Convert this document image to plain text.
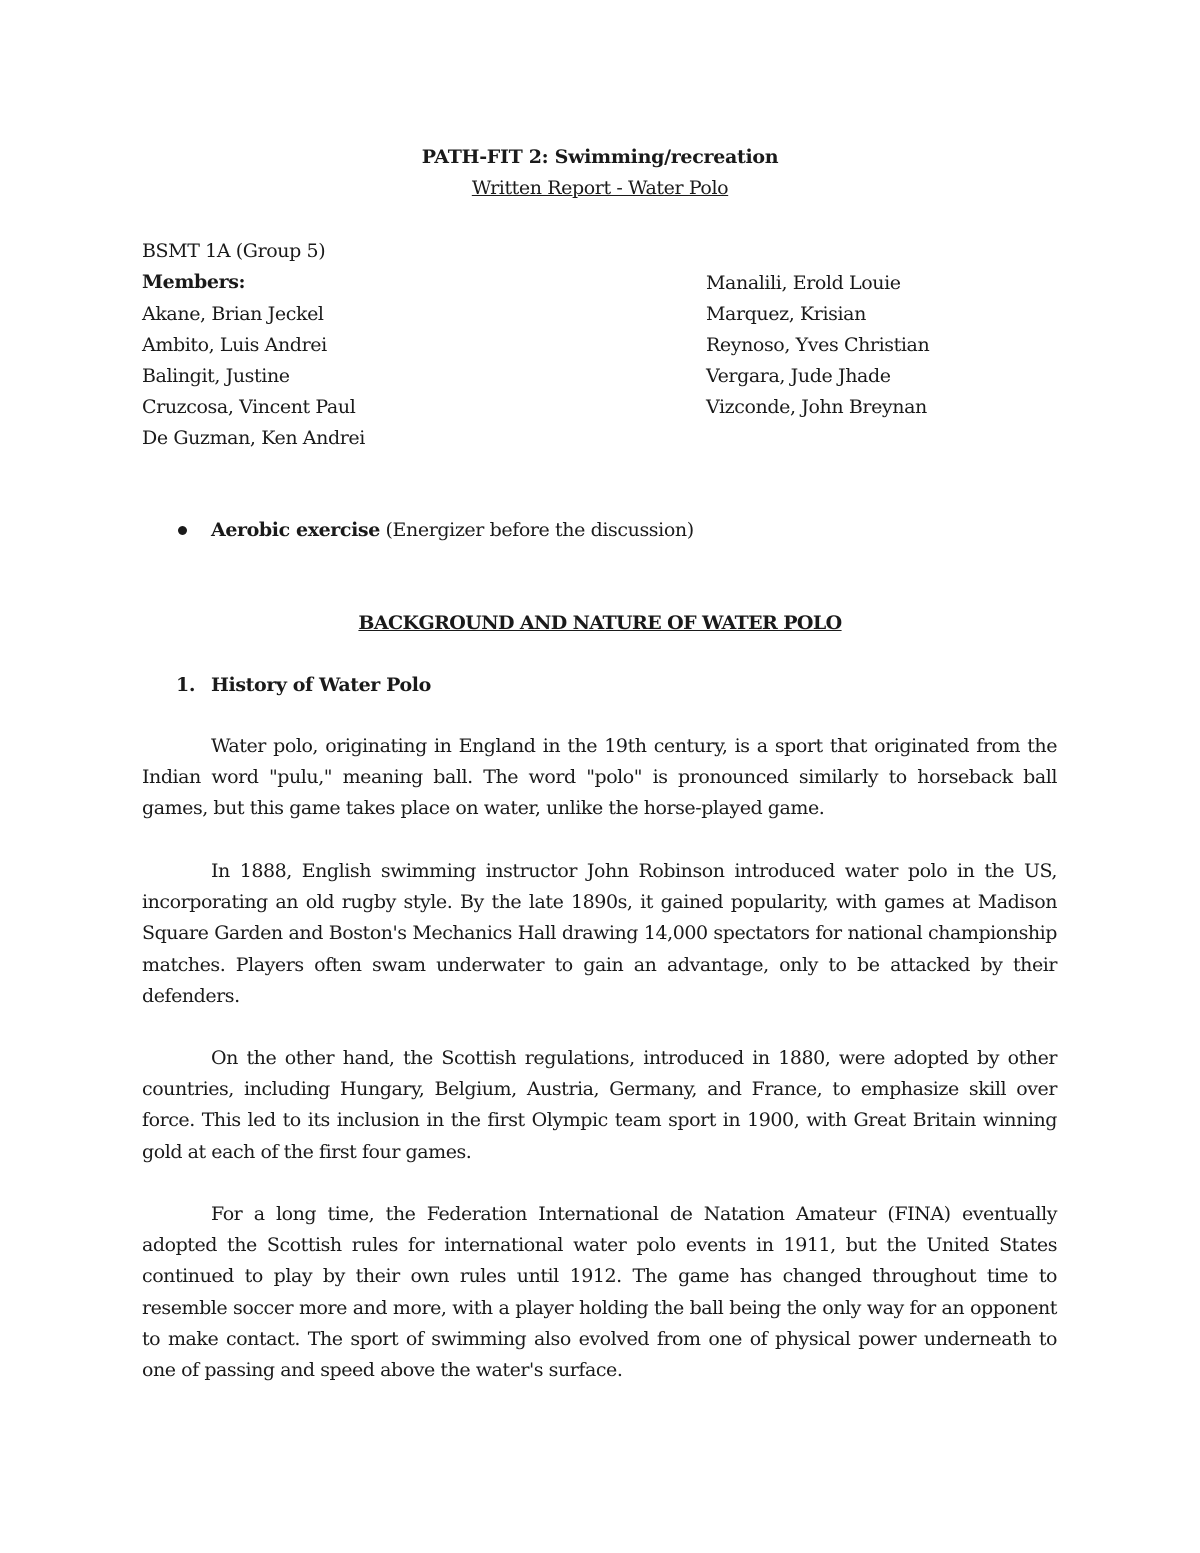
PATH-FIT 2: Swimming/recreation
Written Report - Water Polo
BSMT 1A (Group 5)
Members:
Akane, Brian Jeckel
Ambito, Luis Andrei
Balingit, Justine
Cruzcosa, Vincent Paul
De Guzman, Ken Andrei
Manalili, Erold Louie
Marquez, Krisian
Reynoso, Yves Christian
Vergara, Jude Jhade
Vizconde, John Breynan
Aerobic exercise (Energizer before the discussion)
BACKGROUND AND NATURE OF WATER POLO
1. History of Water Polo

Water polo, originating in England in the 19th century, is a sport that originated from the Indian word "pulu," meaning ball. The word "polo" is pronounced similarly to horseback ball games, but this game takes place on water, unlike the horse-played game.

In 1888, English swimming instructor John Robinson introduced water polo in the US, incorporating an old rugby style. By the late 1890s, it gained popularity, with games at Madison Square Garden and Boston's Mechanics Hall drawing 14,000 spectators for national championship matches. Players often swam underwater to gain an advantage, only to be attacked by their defenders.

On the other hand, the Scottish regulations, introduced in 1880, were adopted by other countries, including Hungary, Belgium, Austria, Germany, and France, to emphasize skill over force. This led to its inclusion in the first Olympic team sport in 1900, with Great Britain winning gold at each of the first four games.

For a long time, the Federation International de Natation Amateur (FINA) eventually adopted the Scottish rules for international water polo events in 1911, but the United States continued to play by their own rules until 1912. The game has changed throughout time to resemble soccer more and more, with a player holding the ball being the only way for an opponent to make contact. The sport of swimming also evolved from one of physical power underneath to one of passing and speed above the water's surface.
